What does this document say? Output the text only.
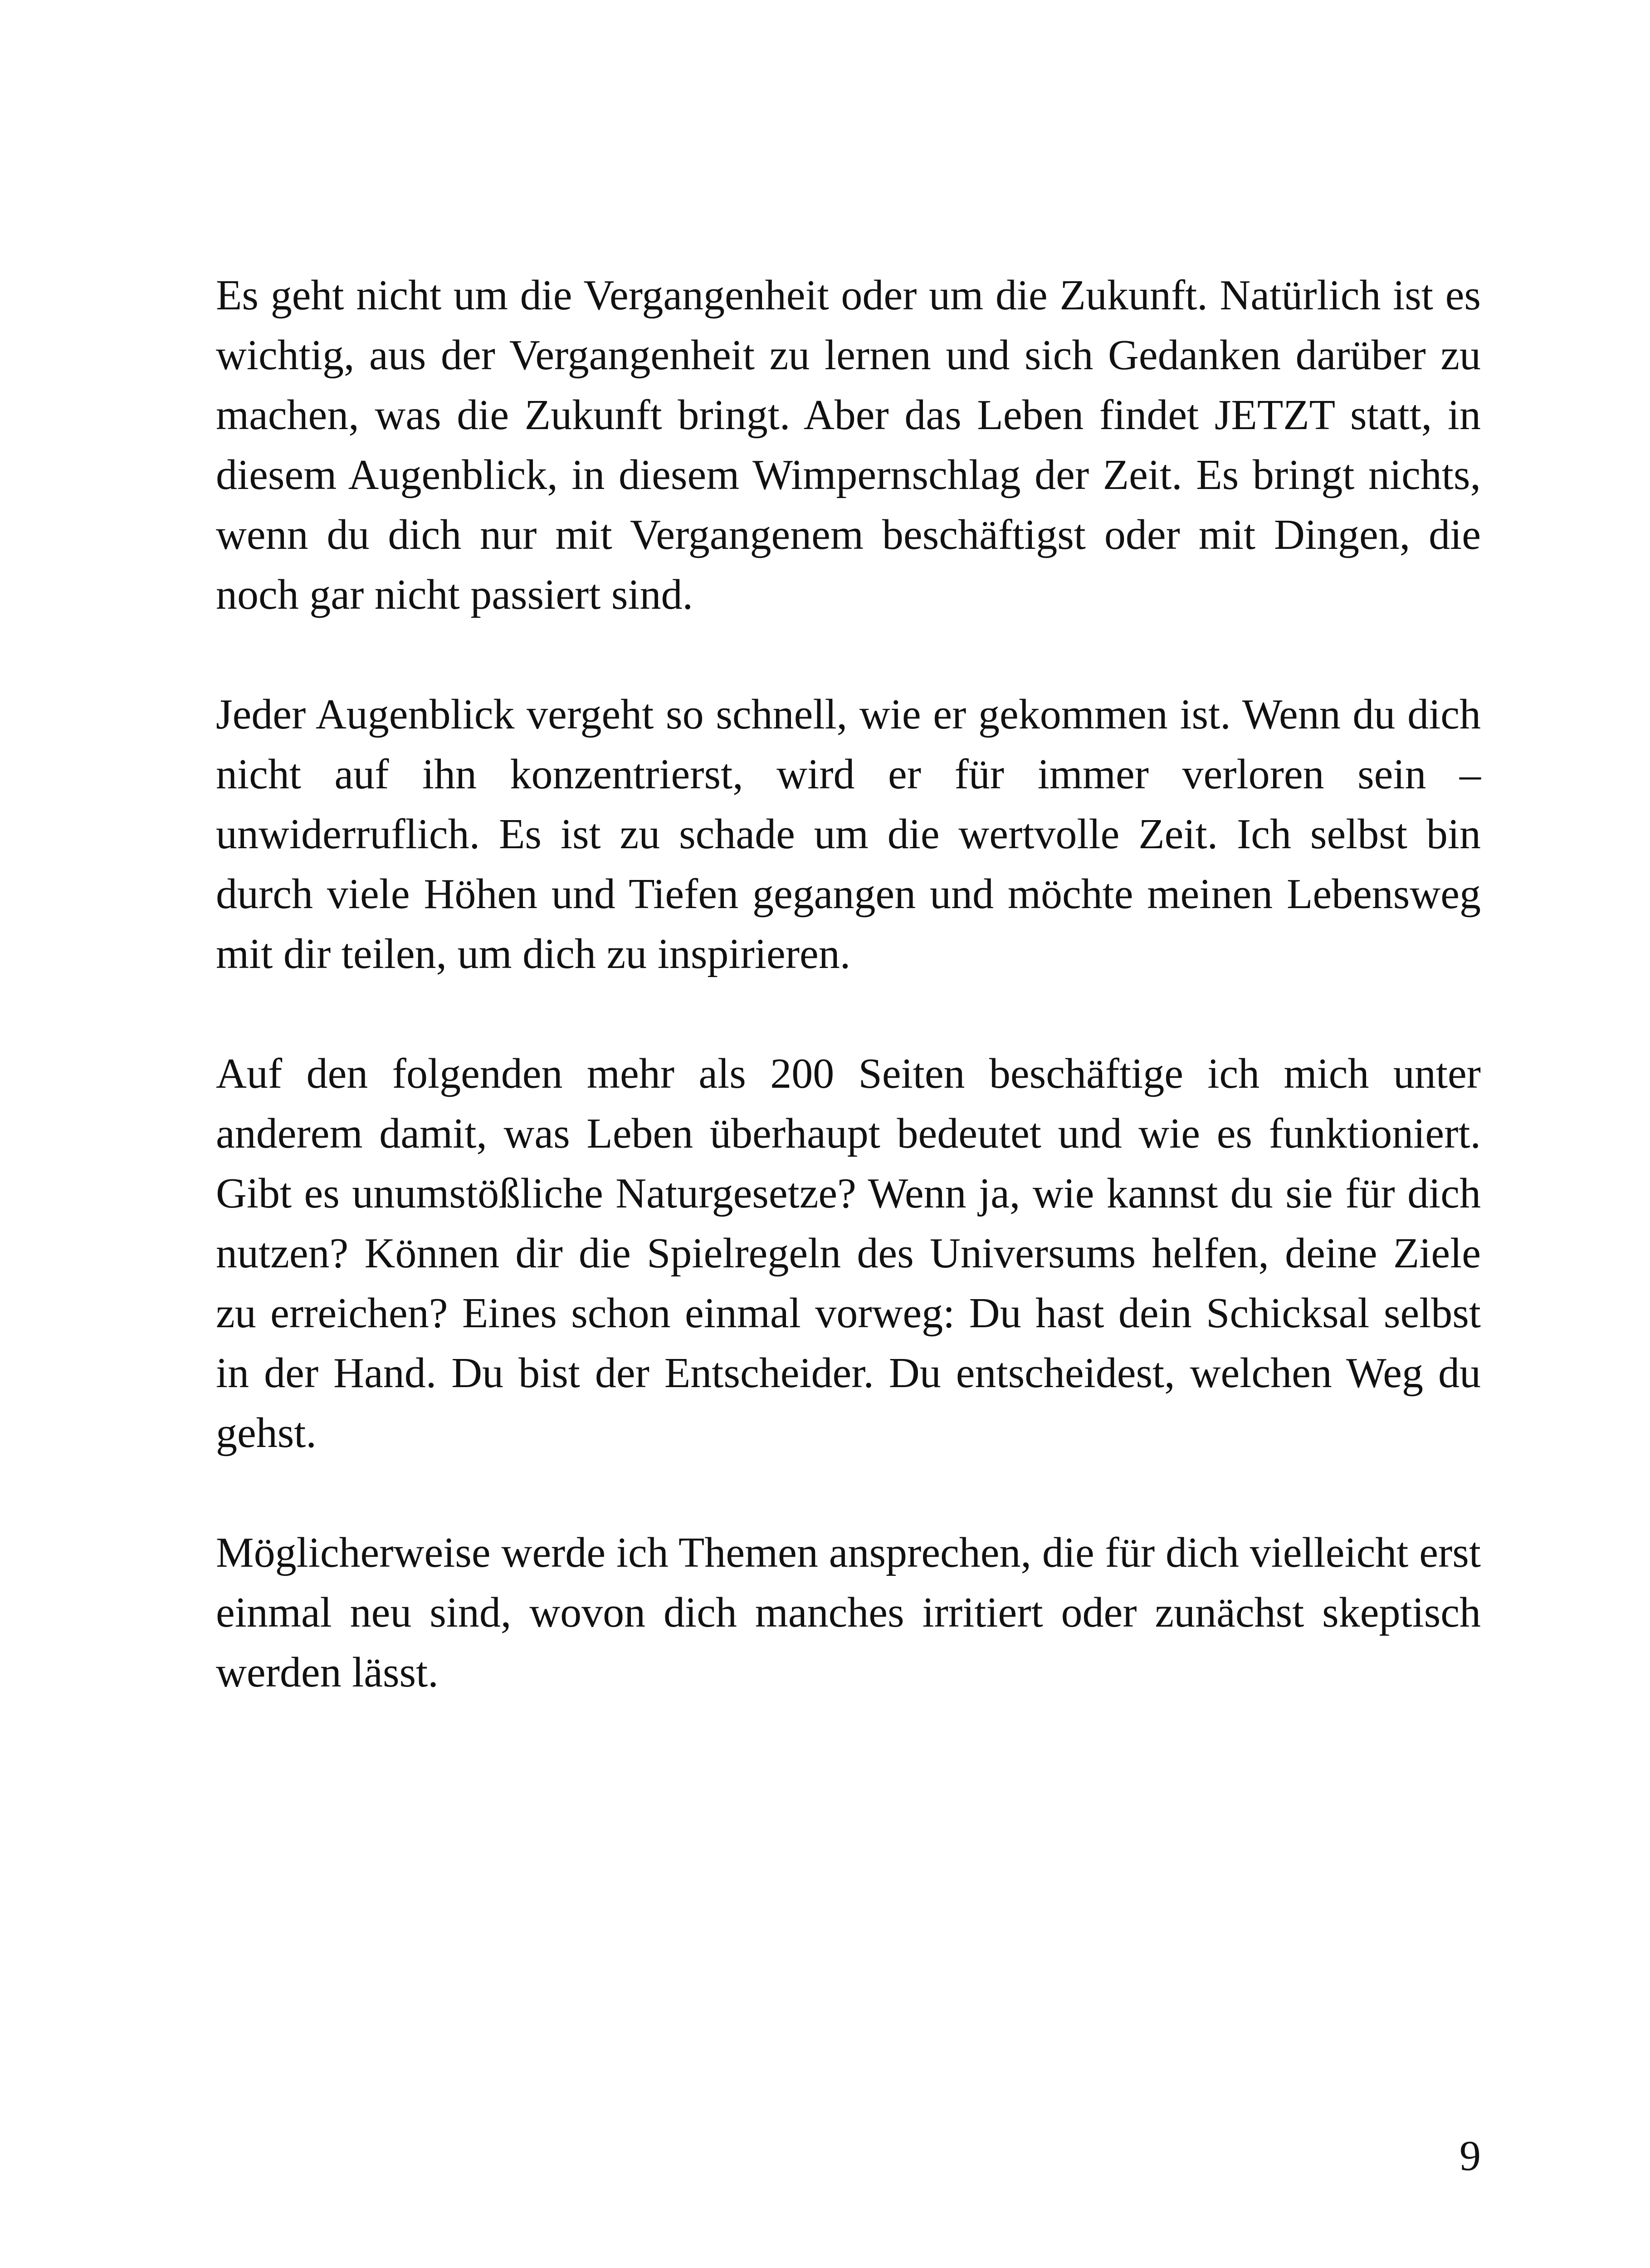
Es geht nicht um die Vergangenheit oder um die Zukunft. Natürlich ist es wichtig, aus der Vergangenheit zu lernen und sich Gedanken darüber zu machen, was die Zukunft bringt. Aber das Leben findet JETZT statt, in diesem Augenblick, in diesem Wimpernschlag der Zeit. Es bringt nichts, wenn du dich nur mit Vergangenem beschäftigst oder mit Dingen, die noch gar nicht passiert sind.

Jeder Augenblick vergeht so schnell, wie er gekommen ist. Wenn du dich nicht auf ihn konzentrierst, wird er für immer verloren sein – unwiderruflich. Es ist zu schade um die wertvolle Zeit. Ich selbst bin durch viele Höhen und Tiefen gegangen und möchte meinen Lebensweg mit dir teilen, um dich zu inspirieren.

Auf den folgenden mehr als 200 Seiten beschäftige ich mich unter anderem damit, was Leben überhaupt bedeutet und wie es funktioniert. Gibt es unumstößliche Naturgesetze? Wenn ja, wie kannst du sie für dich nutzen? Können dir die Spielregeln des Universums helfen, deine Ziele zu erreichen? Eines schon einmal vorweg: Du hast dein Schicksal selbst in der Hand. Du bist der Entscheider. Du entscheidest, welchen Weg du gehst.

Möglicherweise werde ich Themen ansprechen, die für dich vielleicht erst einmal neu sind, wovon dich manches irritiert oder zunächst skeptisch werden lässt.

9
